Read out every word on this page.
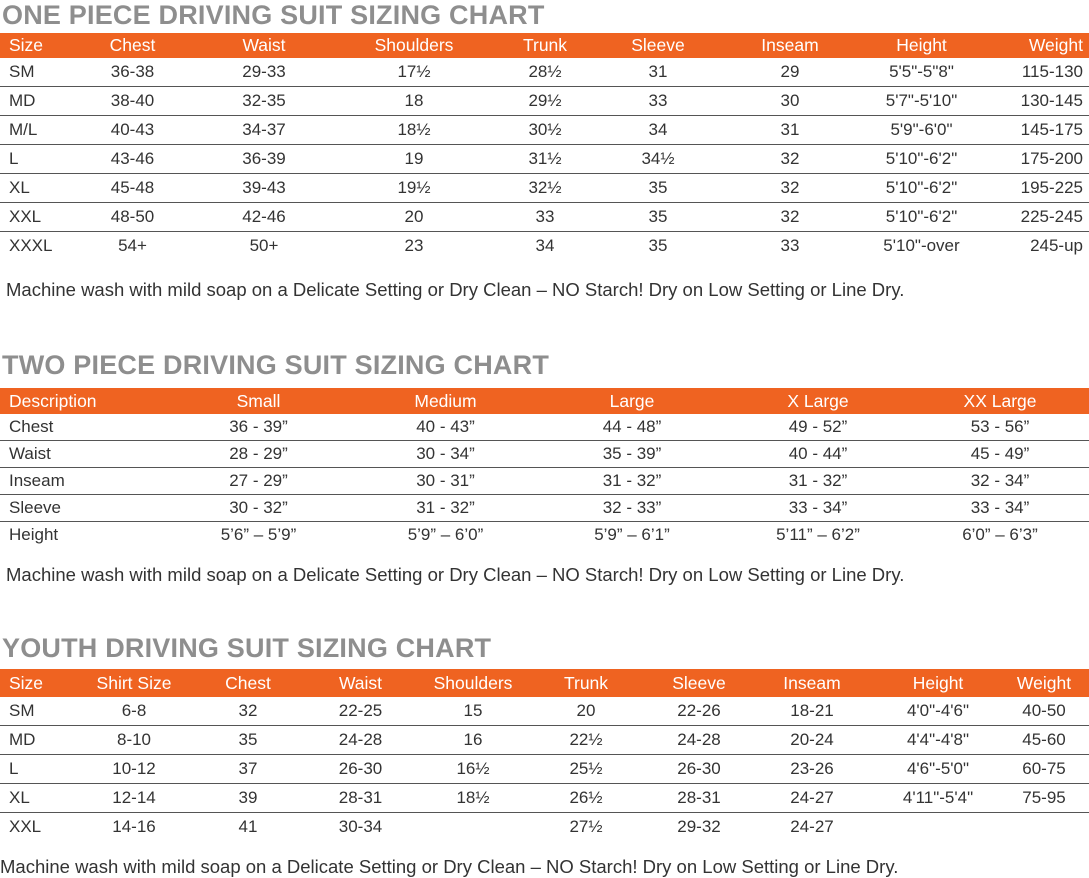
ONE PIECE DRIVING SUIT SIZING CHART
Size	Chest	Waist	Shoulders	Trunk	Sleeve	Inseam	Height	Weight
SM	36-38	29-33	17½	28½	31	29	5'5"-5"8"	115-130
MD	38-40	32-35	18	29½	33	30	5'7"-5'10"	130-145
M/L	40-43	34-37	18½	30½	34	31	5'9"-6'0"	145-175
L	43-46	36-39	19	31½	34½	32	5'10"-6'2"	175-200
XL	45-48	39-43	19½	32½	35	32	5'10"-6'2"	195-225
XXL	48-50	42-46	20	33	35	32	5'10"-6'2"	225-245
XXXL	54+	50+	23	34	35	33	5'10"-over	245-up

Machine wash with mild soap on a Delicate Setting or Dry Clean – NO Starch! Dry on Low Setting or Line Dry.

TWO PIECE DRIVING SUIT SIZING CHART
Description	Small	Medium	Large	X Large	XX Large
Chest	36 - 39”	40 - 43”	44 - 48”	49 - 52”	53 - 56”
Waist	28 - 29”	30 - 34”	35 - 39”	40 - 44”	45 - 49”
Inseam	27 - 29”	30 - 31”	31 - 32”	31 - 32”	32 - 34”
Sleeve	30 - 32”	31 - 32”	32 - 33”	33 - 34”	33 - 34”
Height	5’6” – 5’9”	5’9” – 6’0”	5’9” – 6’1”	5’11” – 6’2”	6’0” – 6’3”

Machine wash with mild soap on a Delicate Setting or Dry Clean – NO Starch! Dry on Low Setting or Line Dry.

YOUTH DRIVING SUIT SIZING CHART
Size	Shirt Size	Chest	Waist	Shoulders	Trunk	Sleeve	Inseam	Height	Weight
SM	6-8	32	22-25	15	20	22-26	18-21	4'0"-4'6"	40-50
MD	8-10	35	24-28	16	22½	24-28	20-24	4'4"-4'8"	45-60
L	10-12	37	26-30	16½	25½	26-30	23-26	4'6"-5'0"	60-75
XL	12-14	39	28-31	18½	26½	28-31	24-27	4'11"-5'4"	75-95
XXL	14-16	41	30-34		27½	29-32	24-27		

Machine wash with mild soap on a Delicate Setting or Dry Clean – NO Starch! Dry on Low Setting or Line Dry.
